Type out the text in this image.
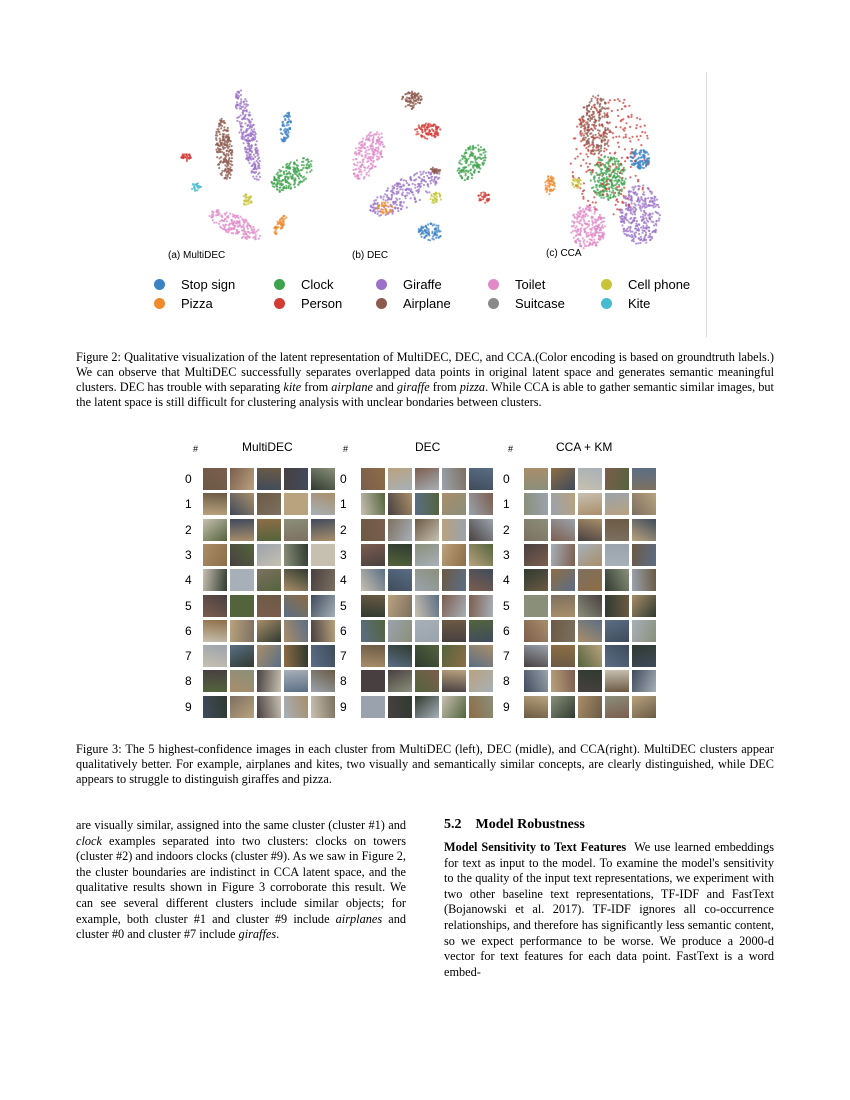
(a) MultiDEC	(b) DEC	(c) CCA
Stop sign	Clock	Giraffe	Toilet	Cell phone
Pizza	Person	Airplane	Suitcase	Kite
Figure 2: Qualitative visualization of the latent representation of MultiDEC, DEC, and CCA.(Color encoding is based on groundtruth labels.) We can observe that MultiDEC successfully separates overlapped data points in original latent space and generates semantic meaningful clusters. DEC has trouble with separating kite from airplane and giraffe from pizza. While CCA is able to gather semantic similar images, but the latent space is still difficult for clustering analysis with unclear bondaries between clusters.
#	MultiDEC	#	DEC	#	CCA + KM
0
1
2
3
4
5
6
7
8
9
0
1
2
3
4
5
6
7
8
9
0
1
2
3
4
5
6
7
8
9
Figure 3: The 5 highest-confidence images in each cluster from MultiDEC (left), DEC (midle), and CCA(right). MultiDEC clusters appear qualitatively better. For example, airplanes and kites, two visually and semantically similar concepts, are clearly distinguished, while DEC appears to struggle to distinguish giraffes and pizza.
are visually similar, assigned into the same cluster (cluster #1) and clock examples separated into two clusters: clocks on towers (cluster #2) and indoors clocks (cluster #9). As we saw in Figure 2, the cluster boundaries are indistinct in CCA latent space, and the qualitative results shown in Figure 3 corroborate this result. We can see several different clusters include similar objects; for example, both cluster #1 and cluster #9 include airplanes and cluster #0 and cluster #7 include giraffes.
5.2 Model Robustness
Model Sensitivity to Text Features We use learned embeddings for text as input to the model. To examine the model's sensitivity to the quality of the input text representations, we experiment with two other baseline text representations, TF-IDF and FastText (Bojanowski et al. 2017). TF-IDF ignores all co-occurrence relationships, and therefore has significantly less semantic content, so we expect performance to be worse. We produce a 2000-d vector for text features for each data point. FastText is a word embed-
